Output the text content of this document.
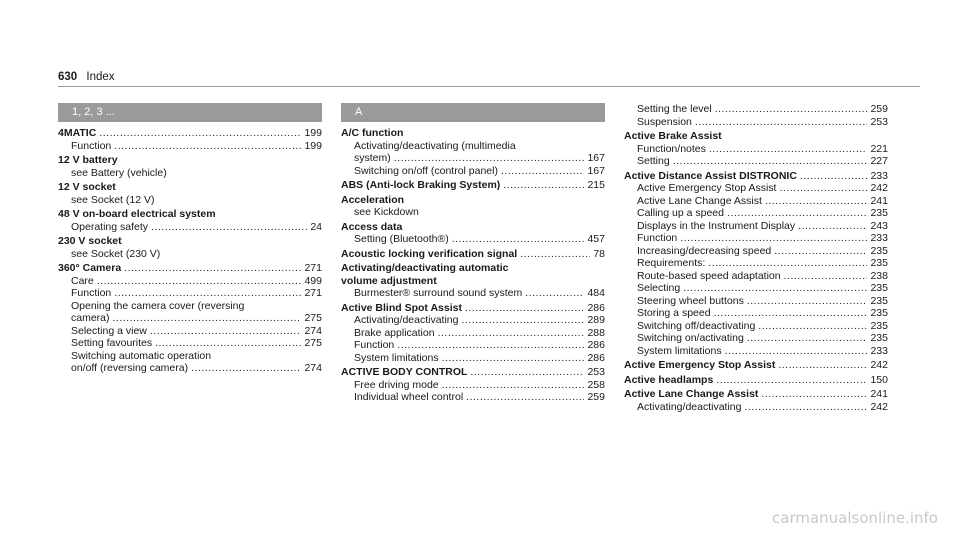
630 Index
1, 2, 3 ...
4MATIC .....	199
Function .....	199
12 V battery
see Battery (vehicle)
12 V socket
see Socket (12 V)
48 V on-board electrical system
Operating safety .....	24
230 V socket
see Socket (230 V)
360° Camera .....	271
Care .....	499
Function .....	271
Opening the camera cover (reversing
camera) .....	275
Selecting a view .....	274
Setting favourites .....	275
Switching automatic operation
on/off (reversing camera) .....	274
A
A/C function
Activating/deactivating (multimedia
system) .....	167
Switching on/off (control panel) .....	167
ABS (Anti-lock Braking System) .....	215
Acceleration
see Kickdown
Access data
Setting (Bluetooth®) .....	457
Acoustic locking verification signal .....	78
Activating/deactivating automatic
volume adjustment
Burmester® surround sound system .....	484
Active Blind Spot Assist .....	286
Activating/deactivating .....	289
Brake application .....	288
Function .....	286
System limitations .....	286
ACTIVE BODY CONTROL .....	253
Free driving mode .....	258
Individual wheel control .....	259
Setting the level .....	259
Suspension .....	253
Active Brake Assist
Function/notes .....	221
Setting .....	227
Active Distance Assist DISTRONIC .....	233
Active Emergency Stop Assist .....	242
Active Lane Change Assist .....	241
Calling up a speed .....	235
Displays in the Instrument Display .....	243
Function .....	233
Increasing/decreasing speed .....	235
Requirements: .....	235
Route-based speed adaptation .....	238
Selecting .....	235
Steering wheel buttons .....	235
Storing a speed .....	235
Switching off/deactivating .....	235
Switching on/activating .....	235
System limitations .....	233
Active Emergency Stop Assist .....	242
Active headlamps .....	150
Active Lane Change Assist .....	241
Activating/deactivating .....	242
carmanualsonline.info
